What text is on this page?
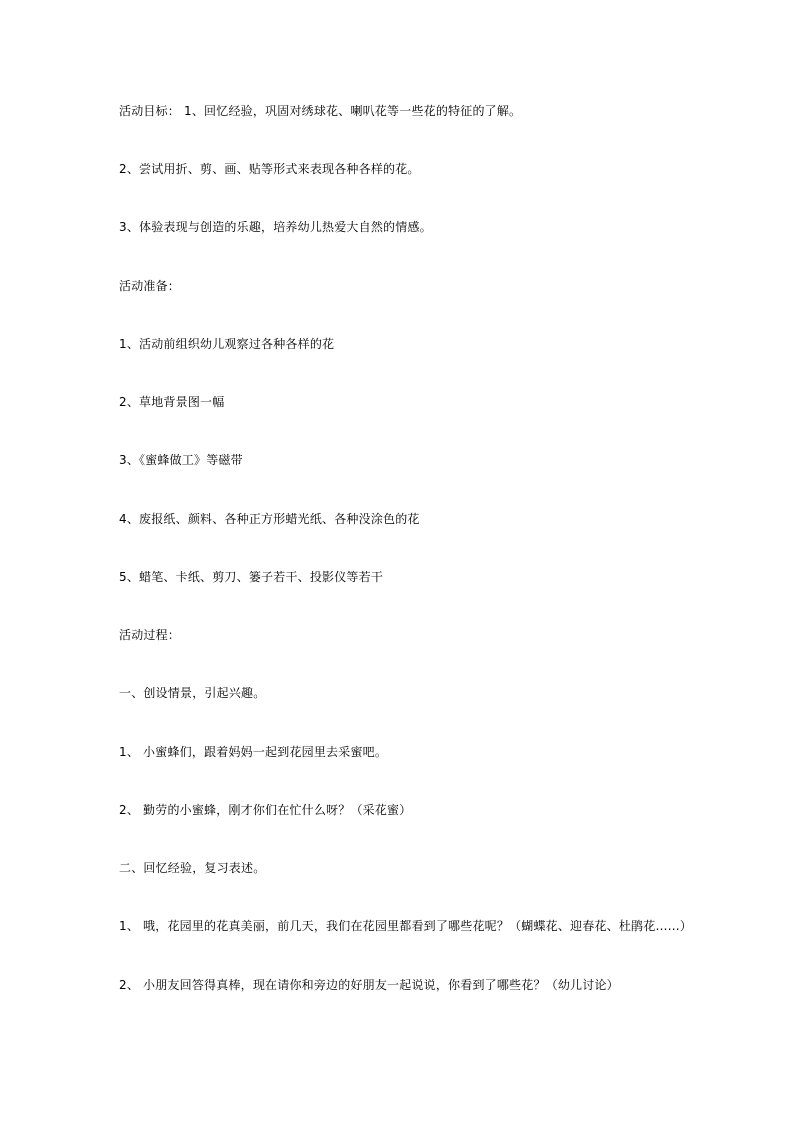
活动目标： 1、回忆经验，巩固对绣球花、喇叭花等一些花的特征的了解。
2、尝试用折、剪、画、贴等形式来表现各种各样的花。
3、体验表现与创造的乐趣，培养幼儿热爱大自然的情感。
活动准备：
1、活动前组织幼儿观察过各种各样的花
2、草地背景图一幅
3、《蜜蜂做工》等磁带
4、废报纸、颜料、各种正方形蜡光纸、各种没涂色的花
5、蜡笔、卡纸、剪刀、篓子若干、投影仪等若干
活动过程：
一、创设情景，引起兴趣。
1、 小蜜蜂们，跟着妈妈一起到花园里去采蜜吧。
2、 勤劳的小蜜蜂，刚才你们在忙什么呀？（采花蜜）
二、回忆经验，复习表述。
1、 哦，花园里的花真美丽，前几天，我们在花园里都看到了哪些花呢？（蝴蝶花、迎春花、杜鹃花……）
2、 小朋友回答得真棒，现在请你和旁边的好朋友一起说说，你看到了哪些花？（幼儿讨论）
